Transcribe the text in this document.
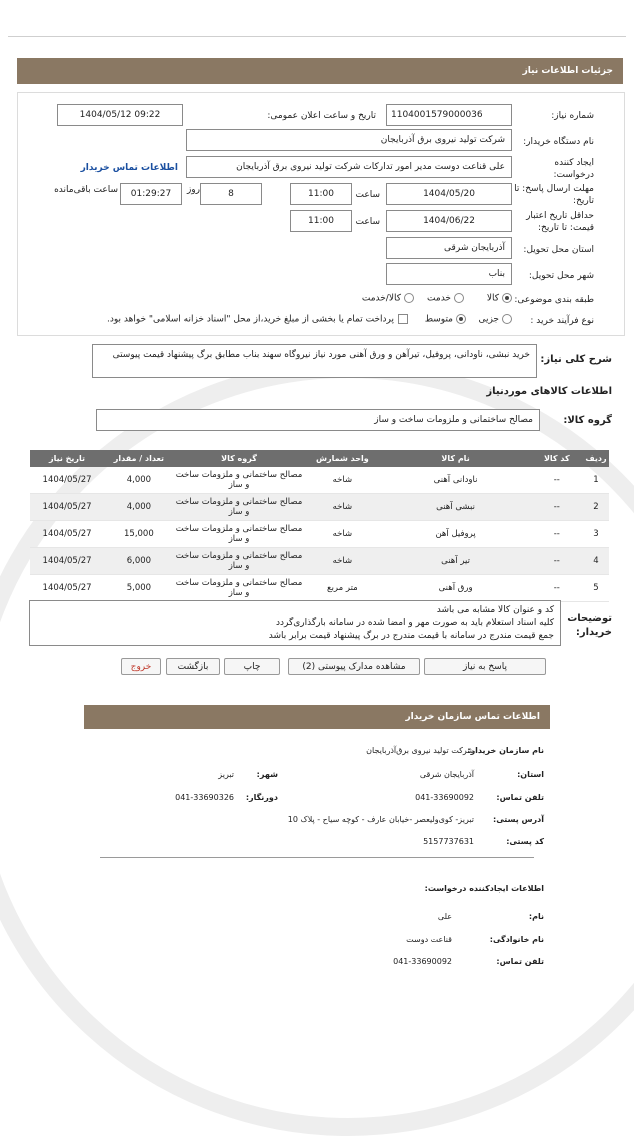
جزئیات اطلاعات نیاز
شماره نیاز:
1104001579000036
تاریخ و ساعت اعلان عمومی:
1404/05/12 09:22
نام دستگاه خریدار:
شرکت تولید نیروی برق آذربایجان
ایجاد کننده درخواست:
علی قناعت دوست مدیر امور تدارکات شرکت تولید نیروی برق آذربایجان
اطلاعات تماس خریدار
مهلت ارسال پاسخ: تا تاریخ:
1404/05/20
ساعت
11:00
8
روز
01:29:27
ساعت باقی‌مانده
حداقل تاریخ اعتبار قیمت: تا تاریخ:
1404/06/22
ساعت
11:00
استان محل تحویل:
آذربایجان شرقی
شهر محل تحویل:
بناب
طبقه بندی موضوعی:
کالا
خدمت
کالا/خدمت
نوع فرآیند خرید :
جزیی
متوسط
پرداخت تمام یا بخشی از مبلغ خرید،از محل "اسناد خزانه اسلامی" خواهد بود.
شرح کلی نیاز:
خرید نبشی، ناودانی، پروفیل، تیرآهن و ورق آهنی مورد نیاز نیروگاه سهند بناب مطابق برگ پیشنهاد قیمت پیوستی
اطلاعات کالاهای موردنیاز
گروه کالا:
مصالح ساختمانی و ملزومات ساخت و ساز
ردیف	کد کالا	نام کالا	واحد شمارش	گروه کالا	تعداد / مقدار	تاریخ نیاز
1	--	ناودانی آهنی	شاخه	مصالح ساختمانی و ملزومات ساخت و ساز	4,000	1404/05/27
2	--	نبشی آهنی	شاخه	مصالح ساختمانی و ملزومات ساخت و ساز	4,000	1404/05/27
3	--	پروفیل آهن	شاخه	مصالح ساختمانی و ملزومات ساخت و ساز	15,000	1404/05/27
4	--	تیر آهنی	شاخه	مصالح ساختمانی و ملزومات ساخت و ساز	6,000	1404/05/27
5	--	ورق آهنی	متر مربع	مصالح ساختمانی و ملزومات ساخت و ساز	5,000	1404/05/27
توضیحات خریدار:
کد و عنوان کالا مشابه می باشد
کلیه اسناد استعلام باید به صورت مهر و امضا شده در سامانه بارگذاری‌گردد
جمع قیمت مندرج در سامانه با قیمت مندرج در برگ پیشنهاد قیمت برابر باشد
پاسخ به نیاز
مشاهده مدارک پیوستی (2)
چاپ
بازگشت
خروج
اطلاعات تماس سازمان خریدار
نام سازمان خریدار:
شرکت تولید نیروی برق‌آذربایجان
استان:
آذربایجان شرقی
شهر:
تبریز
تلفن تماس:
041-33690092
دورنگار:
041-33690326
آدرس پستی:
تبریز- کوی‌ولیعصر -خیابان عارف - کوچه سیاح - پلاک 10
کد پستی:
5157737631
اطلاعات ایجادکننده درخواست:
نام:
علی
نام خانوادگی:
قناعت دوست
تلفن تماس:
041-33690092
